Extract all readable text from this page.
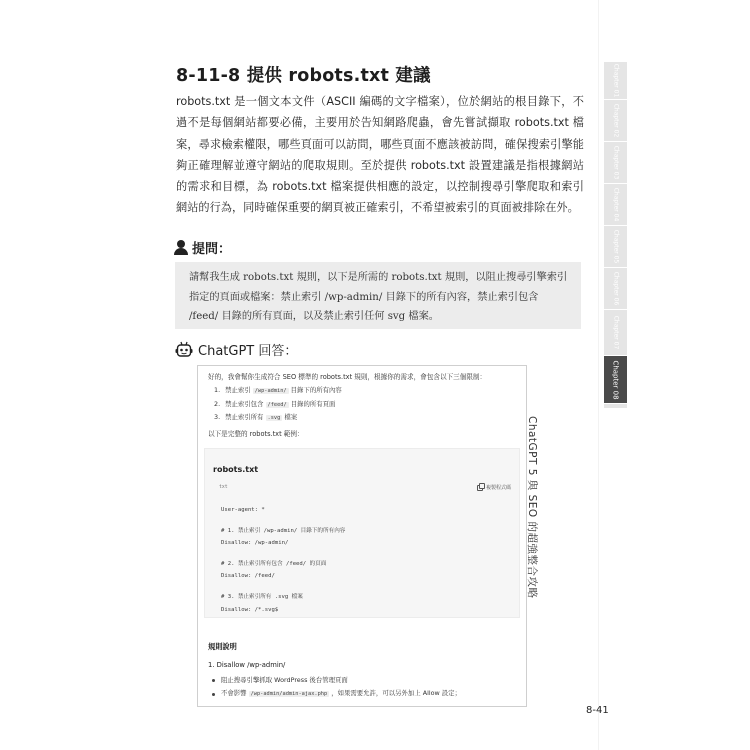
8-11-8 提供 robots.txt 建議

robots.txt 是一個文本文件（ASCII 編碼的文字檔案），位於網站的根目錄下，不過不是每個網站都要必備，主要用於告知網路爬蟲，會先嘗試擷取 robots.txt 檔案，尋求檢索權限，哪些頁面可以訪問，哪些頁面不應該被訪問，確保搜索引擎能夠正確理解並遵守網站的爬取規則。至於提供 robots.txt 設置建議是指根據網站的需求和目標，為 robots.txt 檔案提供相應的設定，以控制搜尋引擎爬取和索引網站的行為，同時確保重要的網頁被正確索引，不希望被索引的頁面被排除在外。

提問：
請幫我生成 robots.txt 規則，以下是所需的 robots.txt 規則，以阻止搜尋引擎索引指定的頁面或檔案：禁止索引 /wp-admin/ 目錄下的所有內容，禁止索引包含 /feed/ 目錄的所有頁面，以及禁止索引任何 svg 檔案。
ChatGPT 回答：
好的，我會幫你生成符合 SEO 標準的 robots.txt 規則，根據你的需求，會包含以下三個限制：
1. 禁止索引 /wp-admin/ 目錄下的所有內容
2. 禁止索引包含 /feed/ 目錄的所有頁面
3. 禁止索引所有 .svg 檔案
以下是完整的 robots.txt 範例：
robots.txt
txt	複製程式碼
User-agent: *
# 1. 禁止索引 /wp-admin/ 目錄下的所有內容
Disallow: /wp-admin/
# 2. 禁止索引所有包含 /feed/ 的頁面
Disallow: /feed/
# 3. 禁止索引所有 .svg 檔案
Disallow: /*.svg$
規則說明
1. Disallow /wp-admin/
阻止搜尋引擎抓取 WordPress 後台管理頁面
不會影響 /wp-admin/admin-ajax.php ，如果需要允許，可以另外加上 Allow 設定；
Chapter 01
Chapter 02
Chapter 03
Chapter 04
Chapter 05
Chapter 06
Chapter 07
Chapter 08
ChatGPT 5 與 SEO 的超強整合攻略
8-41
